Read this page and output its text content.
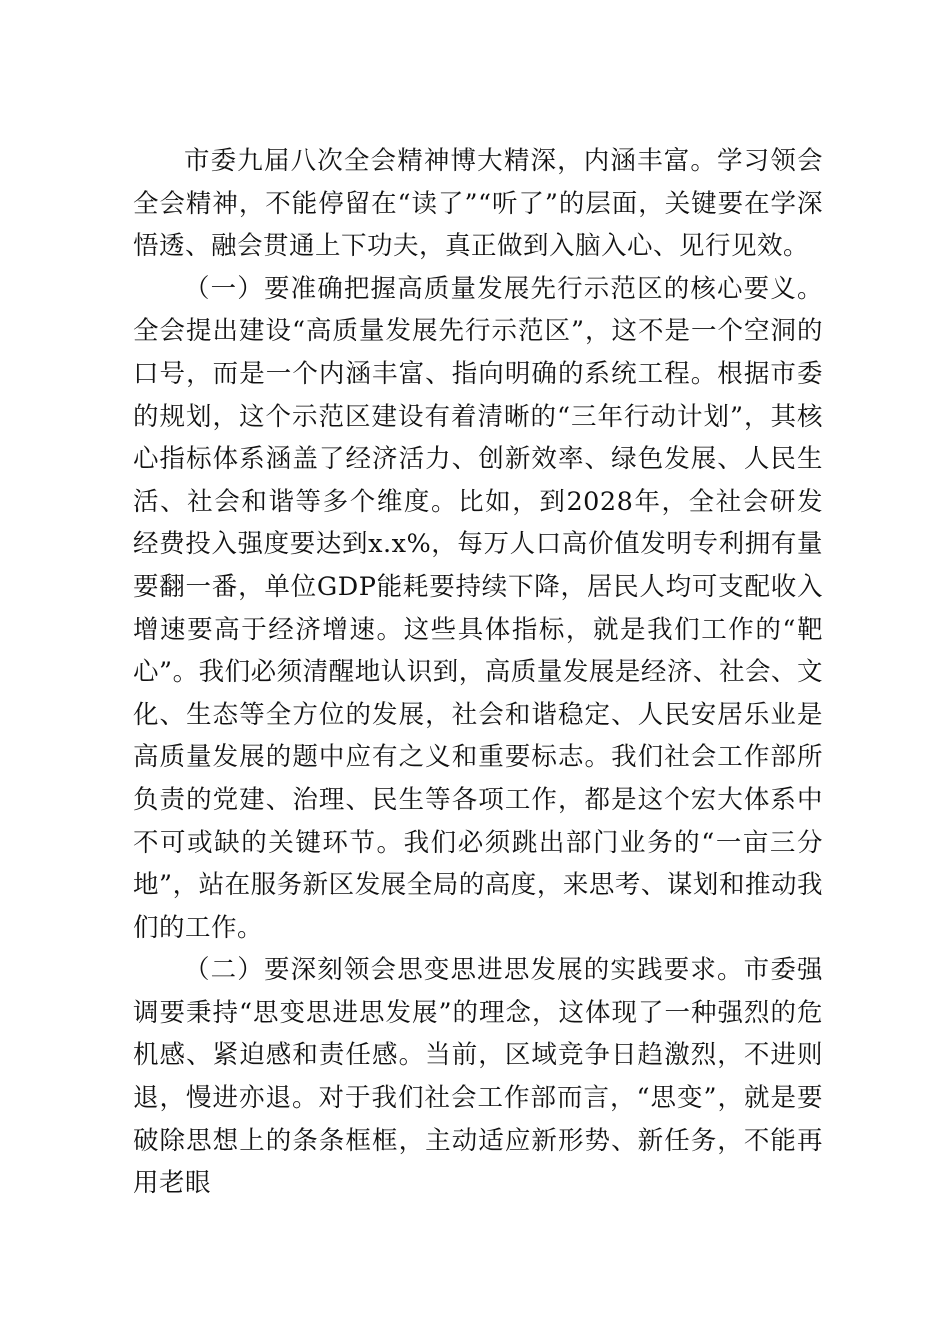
市委九届八次全会精神博大精深，内涵丰富。学习领会全会精神，不能停留在“读了”“听了”的层面，关键要在学深悟透、融会贯通上下功夫，真正做到入脑入心、见行见效。

（一）要准确把握高质量发展先行示范区的核心要义。全会提出建设“高质量发展先行示范区”，这不是一个空洞的口号，而是一个内涵丰富、指向明确的系统工程。根据市委的规划，这个示范区建设有着清晰的“三年行动计划”，其核心指标体系涵盖了经济活力、创新效率、绿色发展、人民生活、社会和谐等多个维度。比如，到2028年，全社会研发经费投入强度要达到x.x%，每万人口高价值发明专利拥有量要翻一番，单位GDP能耗要持续下降，居民人均可支配收入增速要高于经济增速。这些具体指标，就是我们工作的“靶心”。我们必须清醒地认识到，高质量发展是经济、社会、文化、生态等全方位的发展，社会和谐稳定、人民安居乐业是高质量发展的题中应有之义和重要标志。我们社会工作部所负责的党建、治理、民生等各项工作，都是这个宏大体系中不可或缺的关键环节。我们必须跳出部门业务的“一亩三分地”，站在服务新区发展全局的高度，来思考、谋划和推动我们的工作。

（二）要深刻领会思变思进思发展的实践要求。市委强调要秉持“思变思进思发展”的理念，这体现了一种强烈的危机感、紧迫感和责任感。当前，区域竞争日趋激烈，不进则退，慢进亦退。对于我们社会工作部而言，“思变”，就是要破除思想上的条条框框，主动适应新形势、新任务，不能再用老眼
